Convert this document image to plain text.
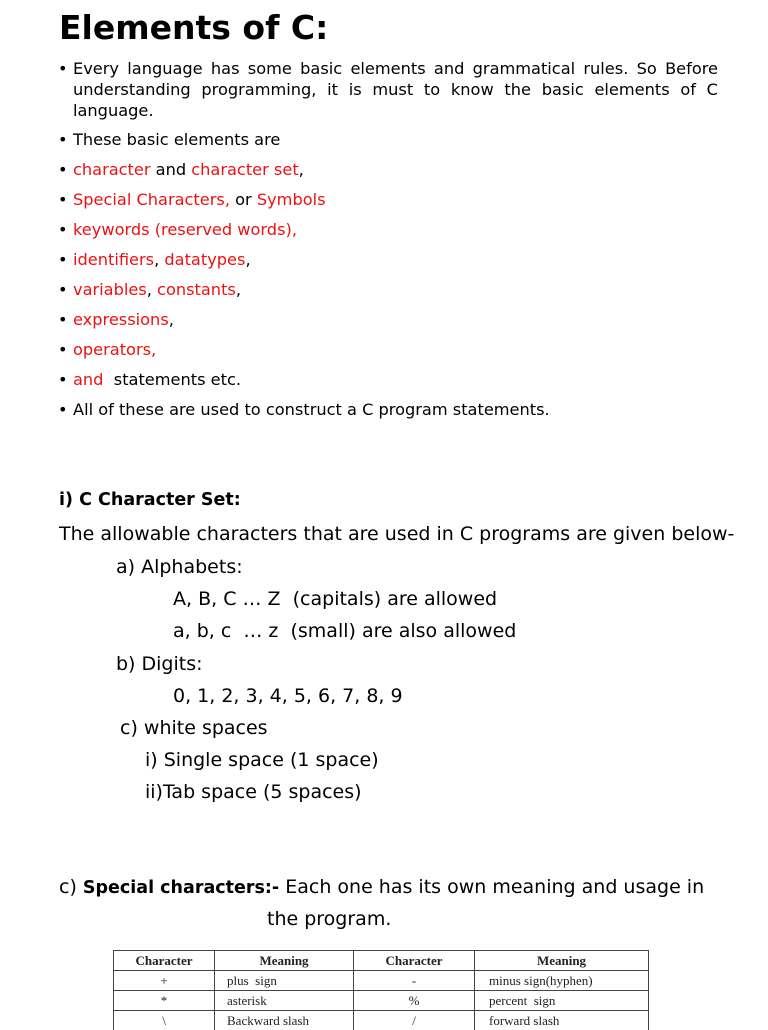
Elements of C:
• Every language has some basic elements and grammatical rules. So Before understanding programming, it is must to know the basic elements of C language.
• These basic elements are
• character and character set,
• Special Characters, or Symbols
• keywords (reserved words),
• identifiers, datatypes,
• variables, constants,
• expressions,
• operators,
• and  statements etc.
• All of these are used to construct a C program statements.
i) C Character Set:
The allowable characters that are used in C programs are given below-
a) Alphabets:
A, B, C … Z  (capitals) are allowed
a, b, c  … z  (small) are also allowed
b) Digits:
0, 1, 2, 3, 4, 5, 6, 7, 8, 9
c) white spaces
i) Single space (1 space)
ii)Tab space (5 spaces)
c) Special characters:- Each one has its own meaning and usage in
the program.
Character	Meaning	Character	Meaning
+	plus  sign	-	minus sign(hyphen)
*	asterisk	%	percent  sign
\	Backward slash	/	forward slash
